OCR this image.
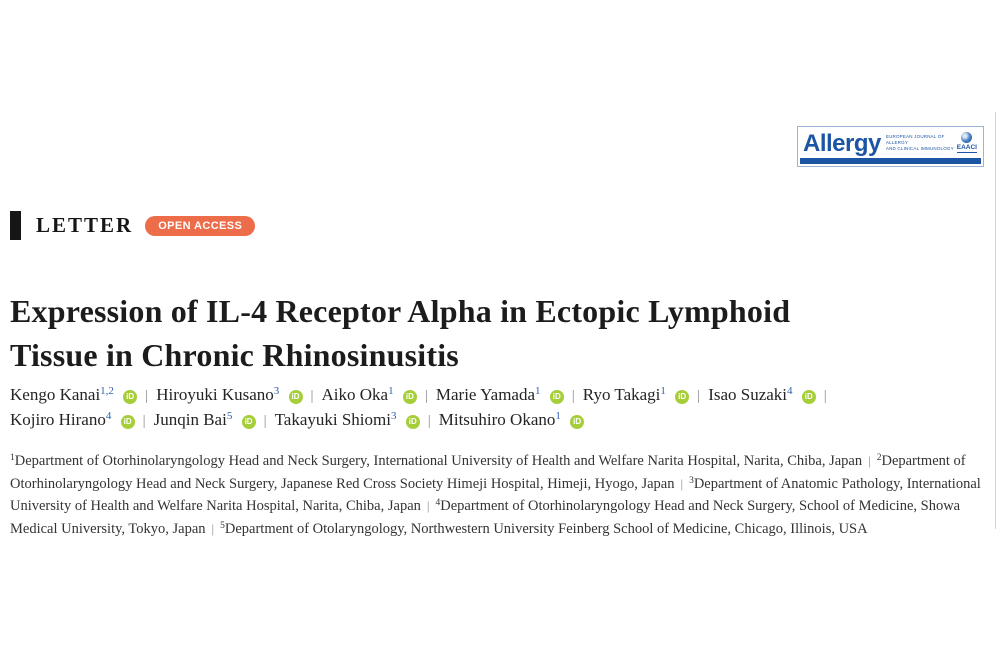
Allergy EUROPEAN JOURNAL OF ALLERGY
AND CLINICAL IMMUNOLOGY EAACI
LETTER	OPEN ACCESS
Expression of IL-4 Receptor Alpha in Ectopic Lymphoid
Tissue in Chronic Rhinosinusitis
Kengo Kanai$^{1,2}$ iD | Hiroyuki Kusano$^3$ iD | Aiko Oka$^1$ iD | Marie Yamada$^1$ iD | Ryo Takagi$^1$ iD | Isao Suzaki$^4$ iD |
Kojiro Hirano$^4$ iD | Junqin Bai$^5$ iD | Takayuki Shiomi$^3$ iD | Mitsuhiro Okano$^1$ iD
$^1$Department of Otorhinolaryngology Head and Neck Surgery, International University of Health and Welfare Narita Hospital, Narita, Chiba, Japan | $^2$Department of Otorhinolaryngology Head and Neck Surgery, Japanese Red Cross Society Himeji Hospital, Himeji, Hyogo, Japan | $^3$Department of Anatomic Pathology, International University of Health and Welfare Narita Hospital, Narita, Chiba, Japan | $^4$Department of Otorhinolaryngology Head and Neck Surgery, School of Medicine, Showa Medical University, Tokyo, Japan | $^5$Department of Otolaryngology, Northwestern University Feinberg School of Medicine, Chicago, Illinois, USA
